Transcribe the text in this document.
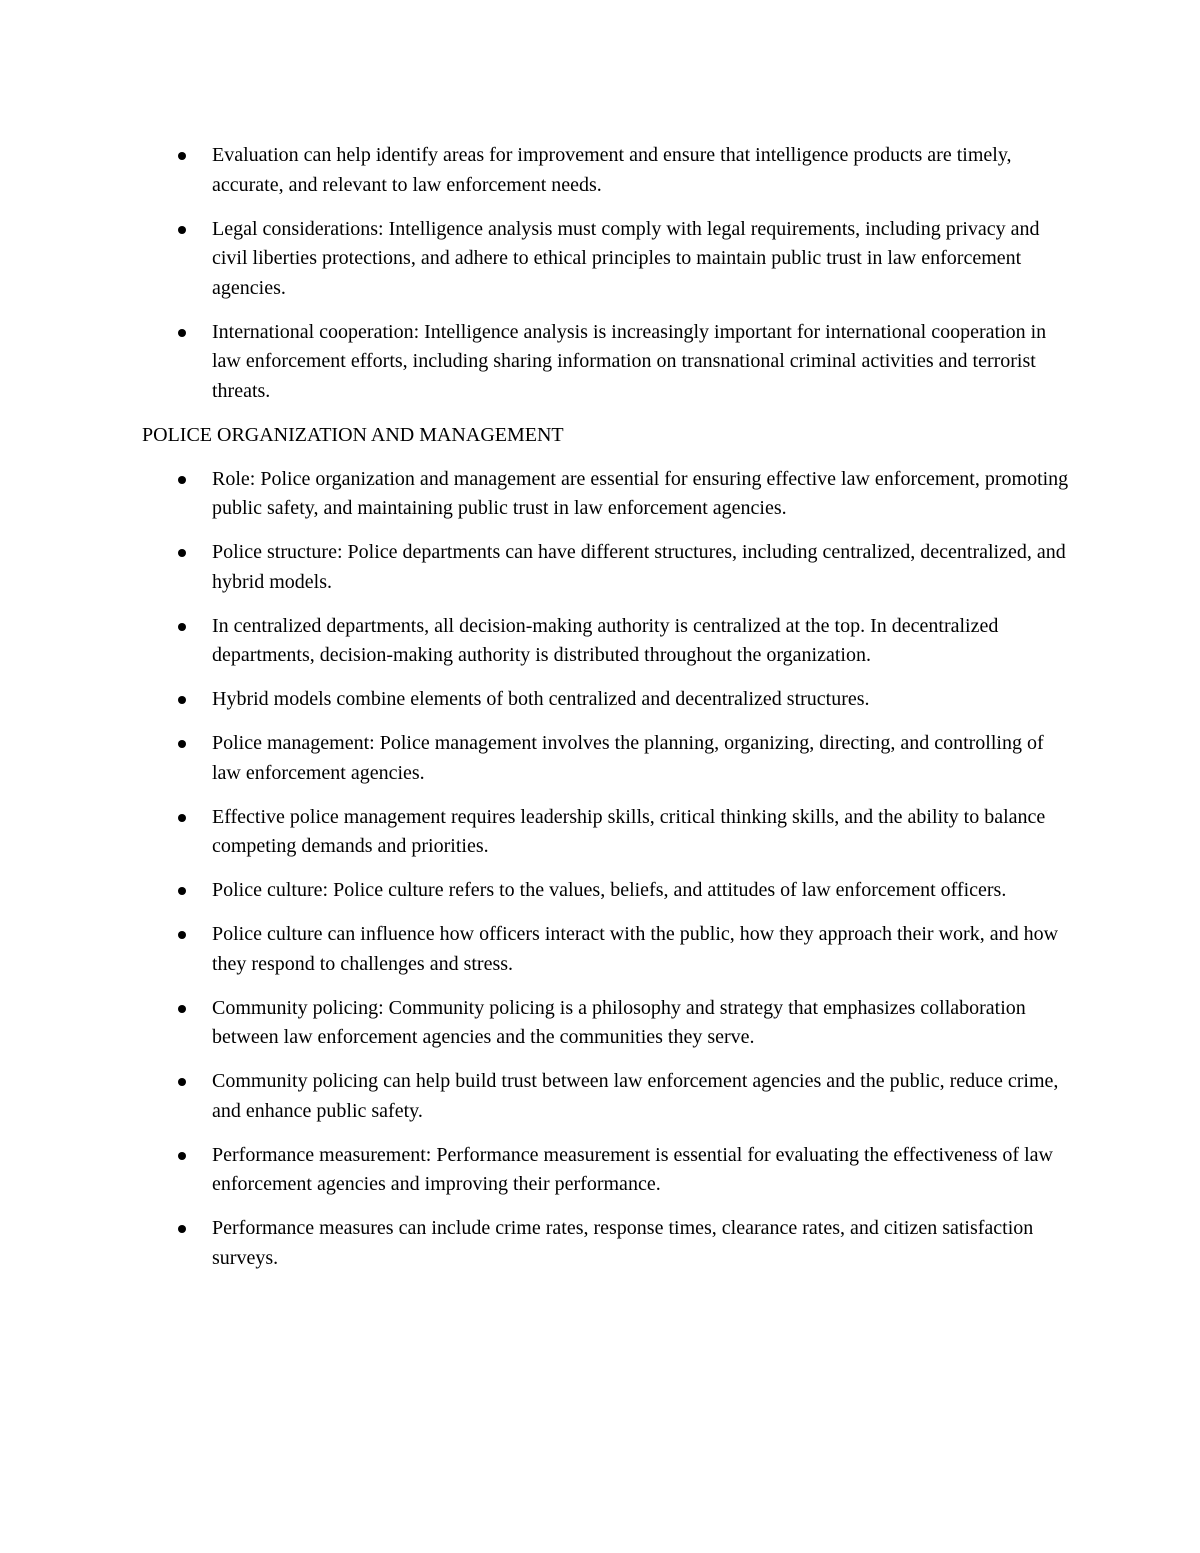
Evaluation can help identify areas for improvement and ensure that intelligence products are timely, accurate, and relevant to law enforcement needs.
Legal considerations: Intelligence analysis must comply with legal requirements, including privacy and civil liberties protections, and adhere to ethical principles to maintain public trust in law enforcement agencies.
International cooperation: Intelligence analysis is increasingly important for international cooperation in law enforcement efforts, including sharing information on transnational criminal activities and terrorist threats.
POLICE ORGANIZATION AND MANAGEMENT
Role: Police organization and management are essential for ensuring effective law enforcement, promoting public safety, and maintaining public trust in law enforcement agencies.
Police structure: Police departments can have different structures, including centralized, decentralized, and hybrid models.
In centralized departments, all decision-making authority is centralized at the top. In decentralized departments, decision-making authority is distributed throughout the organization.
Hybrid models combine elements of both centralized and decentralized structures.
Police management: Police management involves the planning, organizing, directing, and controlling of law enforcement agencies.
Effective police management requires leadership skills, critical thinking skills, and the ability to balance competing demands and priorities.
Police culture: Police culture refers to the values, beliefs, and attitudes of law enforcement officers.
Police culture can influence how officers interact with the public, how they approach their work, and how they respond to challenges and stress.
Community policing: Community policing is a philosophy and strategy that emphasizes collaboration between law enforcement agencies and the communities they serve.
Community policing can help build trust between law enforcement agencies and the public, reduce crime, and enhance public safety.
Performance measurement: Performance measurement is essential for evaluating the effectiveness of law enforcement agencies and improving their performance.
Performance measures can include crime rates, response times, clearance rates, and citizen satisfaction surveys.
